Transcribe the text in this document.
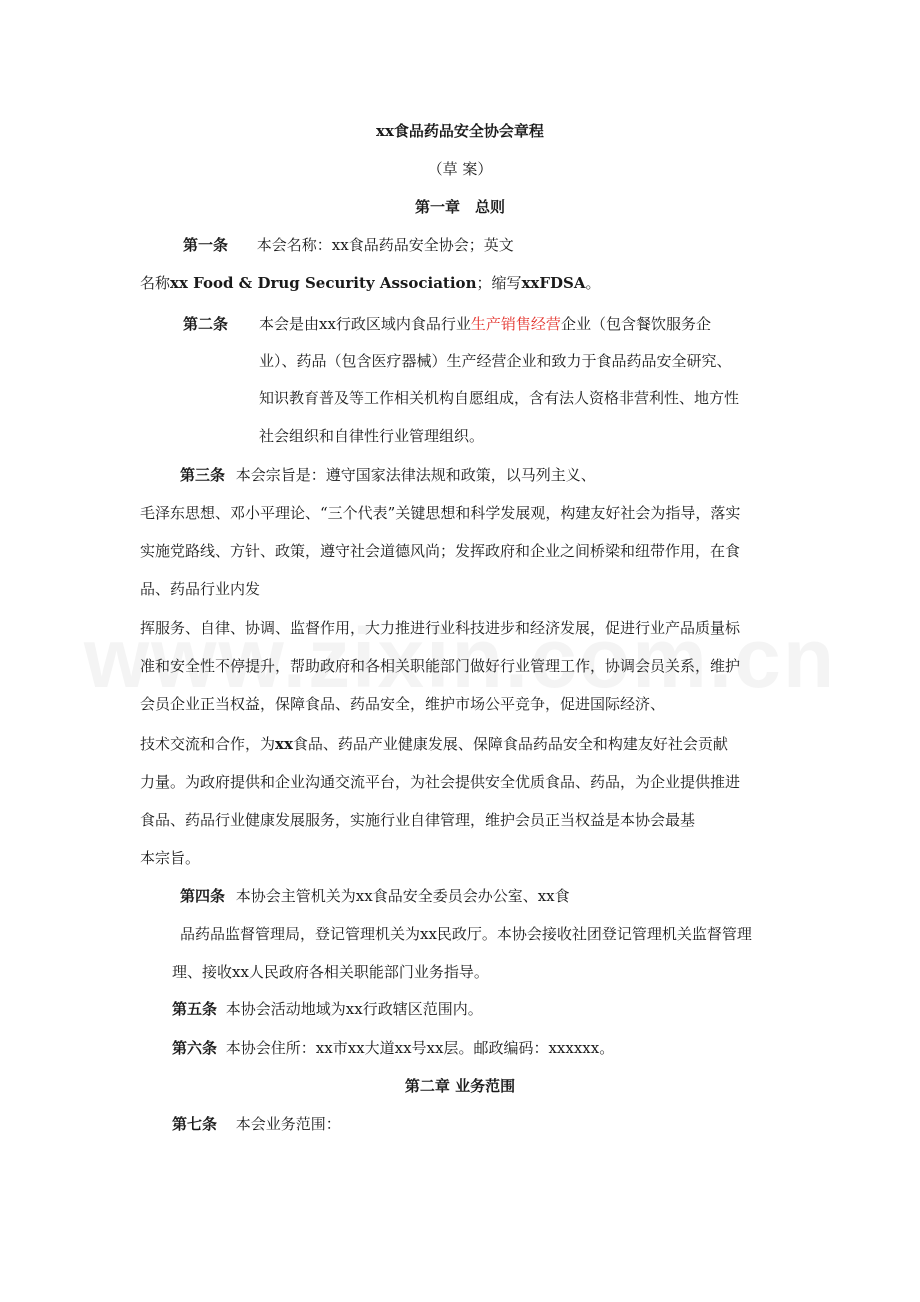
xx食品药品安全协会章程
（草 案）
第一章　总则
第一条 本会名称：xx食品药品安全协会；英文
名称xx Food & Drug Security Association；缩写xxFDSA。
第二条 本会是由xx行政区域内食品行业生产销售经营企业（包含餐饮服务企
业）、药品（包含医疗器械）生产经营企业和致力于食品药品安全研究、
知识教育普及等工作相关机构自愿组成，含有法人资格非营利性、地方性
社会组织和自律性行业管理组织。
第三条 本会宗旨是：遵守国家法律法规和政策，以马列主义、
毛泽东思想、邓小平理论、“三个代表”关键思想和科学发展观，构建友好社会为指导，落实
实施党路线、方针、政策，遵守社会道德风尚；发挥政府和企业之间桥梁和纽带作用，在食
品、药品行业内发
挥服务、自律、协调、监督作用，大力推进行业科技进步和经济发展，促进行业产品质量标
准和安全性不停提升，帮助政府和各相关职能部门做好行业管理工作，协调会员关系，维护
会员企业正当权益，保障食品、药品安全，维护市场公平竞争，促进国际经济、
技术交流和合作，为xx食品、药品产业健康发展、保障食品药品安全和构建友好社会贡献
力量。为政府提供和企业沟通交流平台，为社会提供安全优质食品、药品，为企业提供推进
食品、药品行业健康发展服务，实施行业自律管理，维护会员正当权益是本协会最基
本宗旨。
第四条 本协会主管机关为xx食品安全委员会办公室、xx食
品药品监督管理局，登记管理机关为xx民政厅。本协会接收社团登记管理机关监督管理
理、接收xx人民政府各相关职能部门业务指导。
第五条 本协会活动地域为xx行政辖区范围内。
第六条 本协会住所：xx市xx大道xx号xx层。邮政编码：xxxxxx。
第二章 业务范围
第七条 本会业务范围：
